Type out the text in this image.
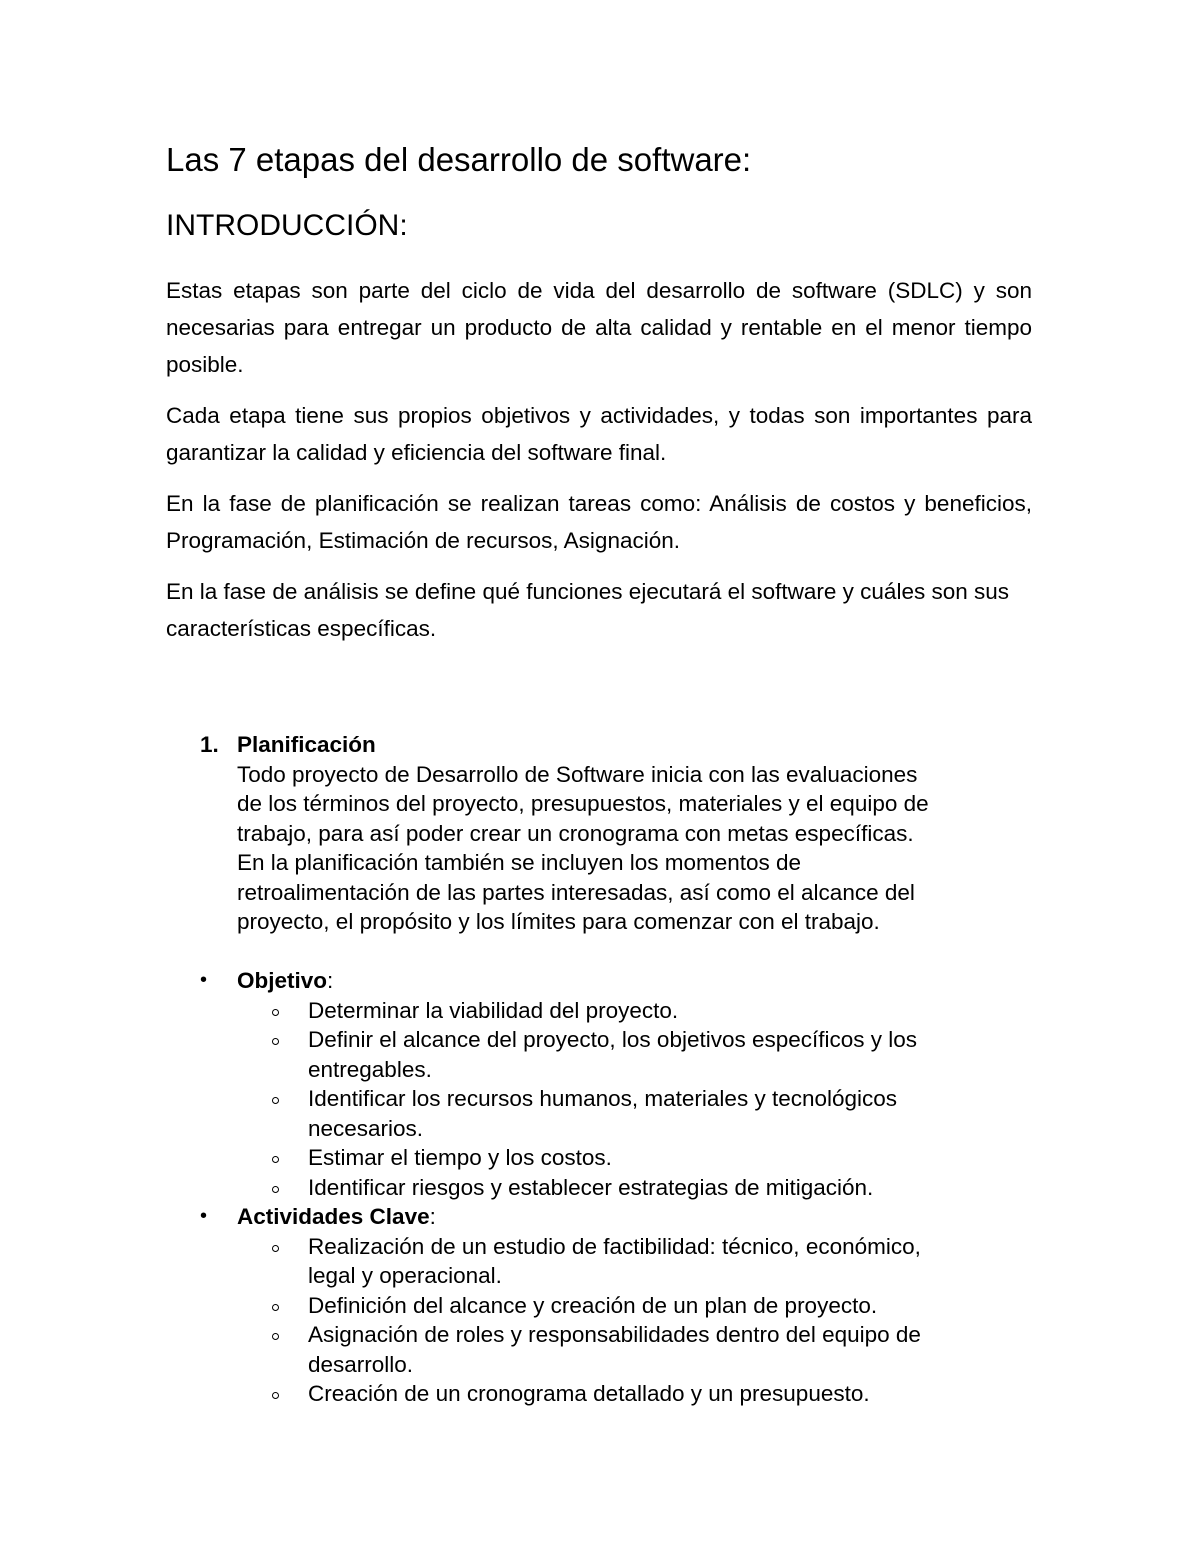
Las 7 etapas del desarrollo de software:
INTRODUCCIÓN:

Estas etapas son parte del ciclo de vida del desarrollo de software (SDLC) y son necesarias para entregar un producto de alta calidad y rentable en el menor tiempo posible.

Cada etapa tiene sus propios objetivos y actividades, y todas son importantes para garantizar la calidad y eficiencia del software final.

En la fase de planificación se realizan tareas como: Análisis de costos y beneficios, Programación, Estimación de recursos, Asignación.

En la fase de análisis se define qué funciones ejecutará el software y cuáles son sus características específicas.

1. Planificación
Todo proyecto de Desarrollo de Software inicia con las evaluaciones
de los términos del proyecto, presupuestos, materiales y el equipo de
trabajo, para así poder crear un cronograma con metas específicas.
En la planificación también se incluyen los momentos de
retroalimentación de las partes interesadas, así como el alcance del
proyecto, el propósito y los límites para comenzar con el trabajo.
• Objetivo:
Determinar la viabilidad del proyecto.
Definir el alcance del proyecto, los objetivos específicos y los
entregables.
Identificar los recursos humanos, materiales y tecnológicos
necesarios.
Estimar el tiempo y los costos.
Identificar riesgos y establecer estrategias de mitigación.
• Actividades Clave:
Realización de un estudio de factibilidad: técnico, económico,
legal y operacional.
Definición del alcance y creación de un plan de proyecto.
Asignación de roles y responsabilidades dentro del equipo de
desarrollo.
Creación de un cronograma detallado y un presupuesto.
